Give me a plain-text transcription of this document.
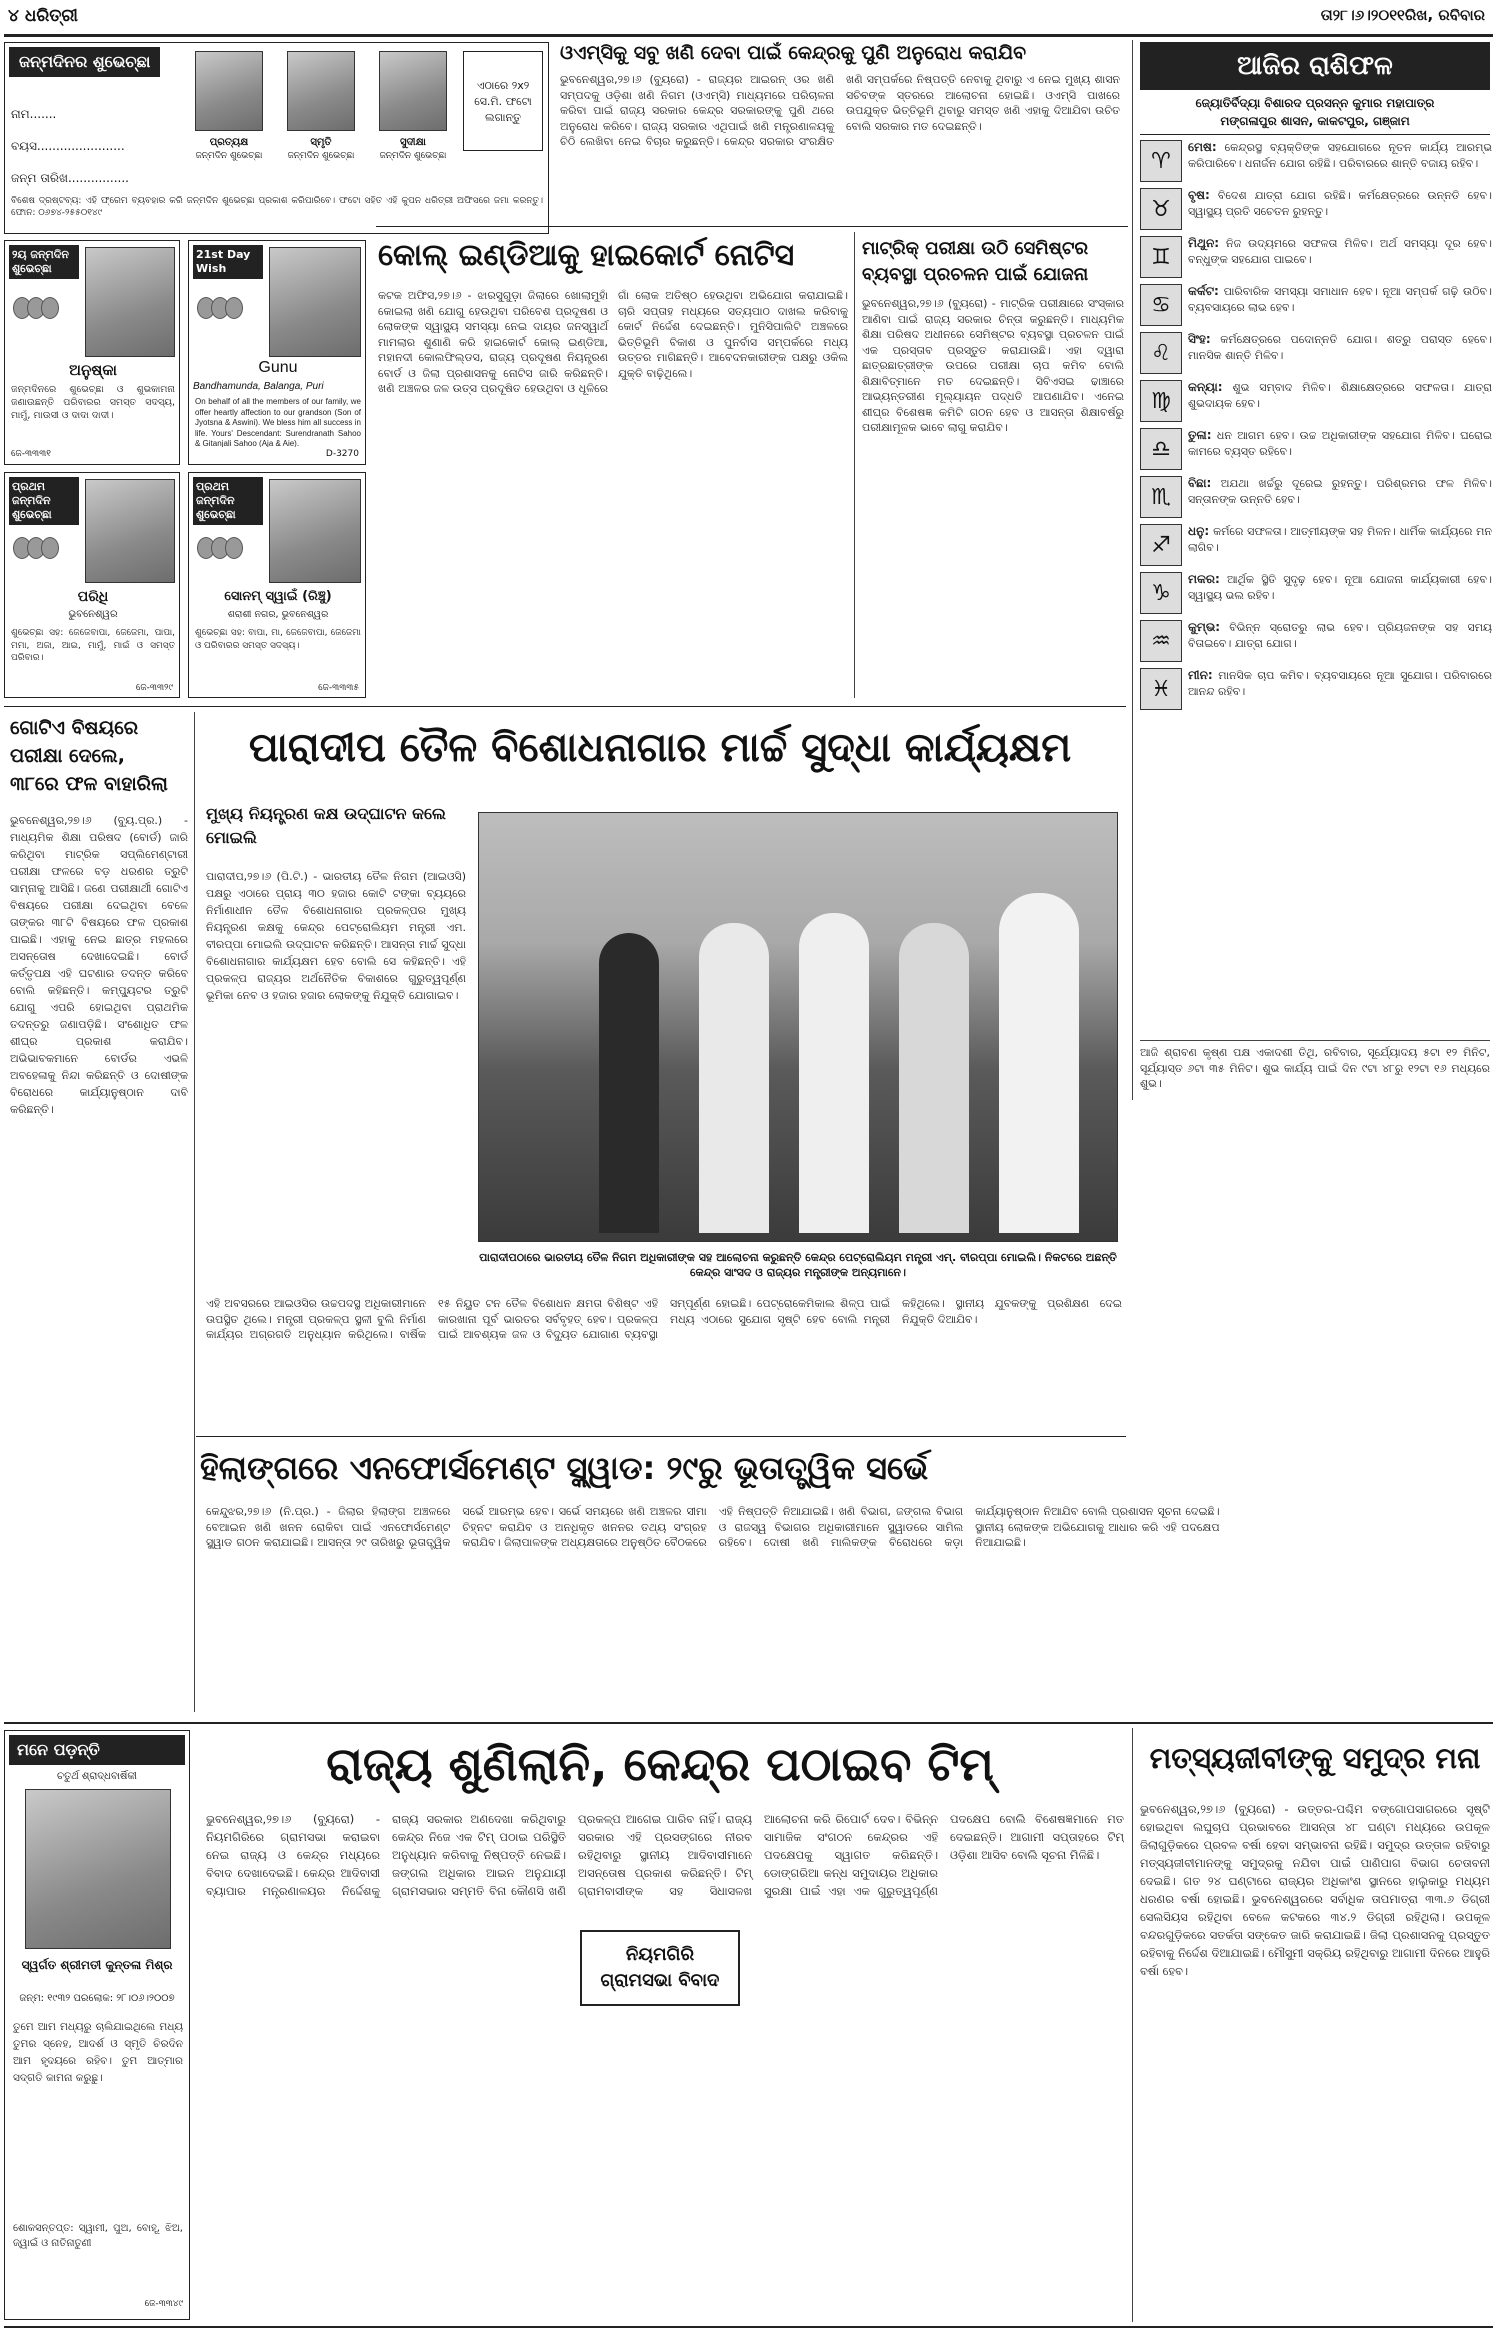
୪ ଧରିତ୍ରୀ	ତା୨୮।୬।୨୦୧୧ରିଖ, ରବିବାର
ଜନ୍ମଦିନର ଶୁଭେଚ୍ଛା
ନାମ.......
ବୟସ.......................
ଜନ୍ମ ତାରିଖ................
ପ୍ରତ୍ୟକ୍ଷ
ଜନ୍ମଦିନ ଶୁଭେଚ୍ଛା
ସ୍ମୃତି
ଜନ୍ମଦିନ ଶୁଭେଚ୍ଛା
ସୁଦୀକ୍ଷା
ଜନ୍ମଦିନ ଶୁଭେଚ୍ଛା
ଏଠାରେ ୨x୨ ସେ.ମି. ଫଟୋ ଲଗାନ୍ତୁ
ବିଶେଷ ଦ୍ରଷ୍ଟବ୍ୟ: ଏହି ଫ୍ରେମ ବ୍ୟବହାର କରି ଜନ୍ମଦିନ ଶୁଭେଚ୍ଛା ପ୍ରକାଶ କରିପାରିବେ। ଫଟୋ ସହିତ ଏହି କୁପନ ଧରିତ୍ରୀ ଅଫିସରେ ଜମା କରନ୍ତୁ। ଫୋନ: ୦୬୭୪-୨୫୫୦୧୪୯
୨ୟ ଜନ୍ମଦିନ ଶୁଭେଚ୍ଛା
ଅନୁଷ୍କା
ଜନ୍ମଦିନରେ ଶୁଭେଚ୍ଛା ଓ ଶୁଭକାମନା ଜଣାଉଛନ୍ତି ପରିବାରର ସମସ୍ତ ସଦସ୍ୟ, ମାମୁଁ, ମାଉସୀ ଓ ଦାଦା ଦାଦୀ।
ଜେ-୩୩୩୧
21st Day Wish
Gunu
Bandhamunda, Balanga, Puri
On behalf of all the members of our family, we offer heartly affection to our grandson (Son of Jyotsna & Aswini). We bless him all success in life. Yours' Descendant: Surendranath Sahoo & Gitanjali Sahoo (Aja & Aie).
D-3270
ପ୍ରଥମ ଜନ୍ମଦିନ ଶୁଭେଚ୍ଛା
ପରିଧି
ଭୁବନେଶ୍ୱର
ଶୁଭେଚ୍ଛା ସହ: ଜେଜେବାପା, ଜେଜେମା, ପାପା, ମମା, ଅଜା, ଆଇ, ମାମୁଁ, ମାଇଁ ଓ ସମସ୍ତ ପରିବାର।
ଜେ-୩୩୨୯
ପ୍ରଥମ ଜନ୍ମଦିନ ଶୁଭେଚ୍ଛା
ସୋନମ୍ ସ୍ୱାଇଁ (ରିଞ୍ଚୁ)
ଶରାଶୀ ନଗର, ଭୁବନେଶ୍ୱର
ଶୁଭେଚ୍ଛା ସହ: ବାପା, ମା, ଜେଜେବାପା, ଜେଜେମା ଓ ପରିବାରର ସମସ୍ତ ସଦସ୍ୟ।
ଜେ-୩୩୩୫
ଓଏମ୍‌ସିକୁ ସବୁ ଖଣି ଦେବା ପାଇଁ କେନ୍ଦ୍ରକୁ ପୁଣି ଅନୁରୋଧ କରାଯିବ
ଭୁବନେଶ୍ୱର,୨୭।୬ (ବ୍ୟୁରୋ) - ରାଜ୍ୟର ଆଇରନ୍ ଓର ଖଣି ସମ୍ପଦକୁ ଓଡ଼ିଶା ଖଣି ନିଗମ (ଓଏମ୍‌ସି) ମାଧ୍ୟମରେ ପରିଚାଳନା କରିବା ପାଇଁ ରାଜ୍ୟ ସରକାର କେନ୍ଦ୍ର ସରକାରଙ୍କୁ ପୁଣି ଥରେ ଅନୁରୋଧ କରିବେ। ରାଜ୍ୟ ସରକାର ଏଥିପାଇଁ ଖଣି ମନ୍ତ୍ରଣାଳୟକୁ ଚିଠି ଲେଖିବା ନେଇ ବିଚାର କରୁଛନ୍ତି। କେନ୍ଦ୍ର ସରକାର ସଂରକ୍ଷିତ ଖଣି ସମ୍ପର୍କରେ ନିଷ୍ପତ୍ତି ନେବାକୁ ଥିବାରୁ ଏ ନେଇ ମୁଖ୍ୟ ଶାସନ ସଚିବଙ୍କ ସ୍ତରରେ ଆଲୋଚନା ହୋଇଛି। ଓଏମ୍‌ସି ପାଖରେ ଉପଯୁକ୍ତ ଭିତ୍ତିଭୂମି ଥିବାରୁ ସମସ୍ତ ଖଣି ଏହାକୁ ଦିଆଯିବା ଉଚିତ ବୋଲି ସରକାର ମତ ଦେଇଛନ୍ତି।
କୋଲ୍ ଇଣ୍ଡିଆକୁ ହାଇକୋର୍ଟ ନୋଟିସ
କଟକ ଅଫିସ,୨୭।୬ - ଝାରସୁଗୁଡ଼ା ଜିଲାରେ ଖୋଲାମୁହାଁ କୋଇଲା ଖଣି ଯୋଗୁ ହେଉଥିବା ପରିବେଶ ପ୍ରଦୂଷଣ ଓ ଲୋକଙ୍କ ସ୍ୱାସ୍ଥ୍ୟ ସମସ୍ୟା ନେଇ ଦାୟର ଜନସ୍ୱାର୍ଥ ମାମଲାର ଶୁଣାଣି କରି ହାଇକୋର୍ଟ କୋଲ୍ ଇଣ୍ଡିଆ, ମହାନଦୀ କୋଲଫିଲ୍ଡସ, ରାଜ୍ୟ ପ୍ରଦୂଷଣ ନିୟନ୍ତ୍ରଣ ବୋର୍ଡ ଓ ଜିଲା ପ୍ରଶାସନକୁ ନୋଟିସ ଜାରି କରିଛନ୍ତି। ଖଣି ଅଞ୍ଚଳର ଜଳ ଉତ୍ସ ପ୍ରଦୂଷିତ ହେଉଥିବା ଓ ଧୂଳିରେ ଗାଁ ଲୋକ ଅତିଷ୍ଠ ହେଉଥିବା ଅଭିଯୋଗ କରାଯାଇଛି। ଚାରି ସପ୍ତାହ ମଧ୍ୟରେ ସତ୍ୟପାଠ ଦାଖଲ କରିବାକୁ କୋର୍ଟ ନିର୍ଦ୍ଦେଶ ଦେଇଛନ୍ତି। ମୁନିସିପାଲିଟି ଅଞ୍ଚଳରେ ଭିତ୍ତିଭୂମି ବିକାଶ ଓ ପୁନର୍ବାସ ସମ୍ପର୍କରେ ମଧ୍ୟ ଉତ୍ତର ମାଗିଛନ୍ତି। ଆବେଦନକାରୀଙ୍କ ପକ୍ଷରୁ ଓକିଲ ଯୁକ୍ତି ବାଢ଼ିଥିଲେ।
ମାଟ୍ରିକ୍ ପରୀକ୍ଷା ଉଠି ସେମିଷ୍ଟର ବ୍ୟବସ୍ଥା ପ୍ରଚଳନ ପାଇଁ ଯୋଜନା
ଭୁବନେଶ୍ୱର,୨୭।୬ (ବ୍ୟୁରୋ) - ମାଟ୍ରିକ ପରୀକ୍ଷାରେ ସଂସ୍କାର ଆଣିବା ପାଇଁ ରାଜ୍ୟ ସରକାର ଚିନ୍ତା କରୁଛନ୍ତି। ମାଧ୍ୟମିକ ଶିକ୍ଷା ପରିଷଦ ଅଧୀନରେ ସେମିଷ୍ଟର ବ୍ୟବସ୍ଥା ପ୍ରଚଳନ ପାଇଁ ଏକ ପ୍ରସ୍ତାବ ପ୍ରସ୍ତୁତ କରାଯାଉଛି। ଏହା ଦ୍ୱାରା ଛାତ୍ରଛାତ୍ରୀଙ୍କ ଉପରେ ପରୀକ୍ଷା ଚାପ କମିବ ବୋଲି ଶିକ୍ଷାବିତ୍‌ମାନେ ମତ ଦେଇଛନ୍ତି। ସିବିଏସଇ ଢାଞ୍ଚାରେ ଆଭ୍ୟନ୍ତରୀଣ ମୂଲ୍ୟାୟନ ପଦ୍ଧତି ଆପଣାଯିବ। ଏନେଇ ଶୀଘ୍ର ବିଶେଷଜ୍ଞ କମିଟି ଗଠନ ହେବ ଓ ଆସନ୍ତା ଶିକ୍ଷାବର୍ଷରୁ ପରୀକ୍ଷାମୂଳକ ଭାବେ ଲାଗୁ କରାଯିବ।
ଆଜିର ରାଶିଫଳ
ଜ୍ୟୋତିର୍ବିଦ୍ୟା ବିଶାରଦ ପ୍ରସନ୍ନ କୁମାର ମହାପାତ୍ର
ମଙ୍ଗଳାପୁର ଶାସନ, କାକଟପୁର, ଗଞ୍ଜାମ
♈
ମେଷ: କେନ୍ଦ୍ରସ୍ଥ ବ୍ୟକ୍ତିଙ୍କ ସହଯୋଗରେ ନୂତନ କାର୍ଯ୍ୟ ଆରମ୍ଭ କରିପାରିବେ। ଧନାର୍ଜନ ଯୋଗ ରହିଛି। ପରିବାରରେ ଶାନ୍ତି ବଜାୟ ରହିବ।
♉
ବୃଷ: ବିଦେଶ ଯାତ୍ରା ଯୋଗ ରହିଛି। କର୍ମକ୍ଷେତ୍ରରେ ଉନ୍ନତି ହେବ। ସ୍ୱାସ୍ଥ୍ୟ ପ୍ରତି ସଚେତନ ରୁହନ୍ତୁ।
♊
ମିଥୁନ: ନିଜ ଉଦ୍ୟମରେ ସଫଳତା ମିଳିବ। ଅର୍ଥ ସମସ୍ୟା ଦୂର ହେବ। ବନ୍ଧୁଙ୍କ ସହଯୋଗ ପାଇବେ।
♋
କର୍କଟ: ପାରିବାରିକ ସମସ୍ୟା ସମାଧାନ ହେବ। ନୂଆ ସମ୍ପର୍କ ଗଢ଼ି ଉଠିବ। ବ୍ୟବସାୟରେ ଲାଭ ହେବ।
♌
ସିଂହ: କର୍ମକ୍ଷେତ୍ରରେ ପଦୋନ୍ନତି ଯୋଗ। ଶତ୍ରୁ ପରାସ୍ତ ହେବେ। ମାନସିକ ଶାନ୍ତି ମିଳିବ।
♍
କନ୍ୟା: ଶୁଭ ସମ୍ବାଦ ମିଳିବ। ଶିକ୍ଷାକ୍ଷେତ୍ରରେ ସଫଳତା। ଯାତ୍ରା ଶୁଭଦାୟକ ହେବ।
♎
ତୁଳା: ଧନ ଆଗମ ହେବ। ଉଚ୍ଚ ଅଧିକାରୀଙ୍କ ସହଯୋଗ ମିଳିବ। ଘରୋଇ କାମରେ ବ୍ୟସ୍ତ ରହିବେ।
♏
ବିଛା: ଅଯଥା ଖର୍ଚ୍ଚରୁ ଦୂରେଇ ରୁହନ୍ତୁ। ପରିଶ୍ରମର ଫଳ ମିଳିବ। ସନ୍ତାନଙ୍କ ଉନ୍ନତି ହେବ।
♐
ଧନୁ: କର୍ମରେ ସଫଳତା। ଆତ୍ମୀୟଙ୍କ ସହ ମିଳନ। ଧାର୍ମିକ କାର୍ଯ୍ୟରେ ମନ ଲାଗିବ।
♑
ମକର: ଆର୍ଥିକ ସ୍ଥିତି ସୁଦୃଢ଼ ହେବ। ନୂଆ ଯୋଜନା କାର୍ଯ୍ୟକାରୀ ହେବ। ସ୍ୱାସ୍ଥ୍ୟ ଭଲ ରହିବ।
♒
କୁମ୍ଭ: ବିଭିନ୍ନ ସ୍ରୋତରୁ ଲାଭ ହେବ। ପ୍ରିୟଜନଙ୍କ ସହ ସମୟ ବିତାଇବେ। ଯାତ୍ରା ଯୋଗ।
♓
ମୀନ: ମାନସିକ ଚାପ କମିବ। ବ୍ୟବସାୟରେ ନୂଆ ସୁଯୋଗ। ପରିବାରରେ ଆନନ୍ଦ ରହିବ।
ଆଜି ଶ୍ରାବଣ କୃଷ୍ଣ ପକ୍ଷ ଏକାଦଶୀ ତିଥି, ରବିବାର, ସୂର୍ଯ୍ୟୋଦୟ ୫ଟା ୧୨ ମିନିଟ, ସୂର୍ଯ୍ୟାସ୍ତ ୬ଟା ୩୫ ମିନିଟ। ଶୁଭ କାର୍ଯ୍ୟ ପାଇଁ ଦିନ ୯ଟା ୪୮ରୁ ୧୨ଟା ୧୬ ମଧ୍ୟରେ ଶୁଭ।
ଗୋଟିଏ ବିଷୟରେ ପରୀକ୍ଷା ଦେଲେ, ୩୮ରେ ଫଳ ବାହାରିଲା
ଭୁବନେଶ୍ୱର,୨୭।୬ (ବ୍ୟୁ.ପ୍ର.) - ମାଧ୍ୟମିକ ଶିକ୍ଷା ପରିଷଦ (ବୋର୍ଡ) ଜାରି କରିଥିବା ମାଟ୍ରିକ ସପ୍ଲିମେଣ୍ଟାରୀ ପରୀକ୍ଷା ଫଳରେ ବଡ଼ ଧରଣର ତ୍ରୁଟି ସାମ୍ନାକୁ ଆସିଛି। ଜଣେ ପରୀକ୍ଷାର୍ଥୀ ଗୋଟିଏ ବିଷୟରେ ପରୀକ୍ଷା ଦେଇଥିବା ବେଳେ ତାଙ୍କର ୩୮ଟି ବିଷୟରେ ଫଳ ପ୍ରକାଶ ପାଇଛି। ଏହାକୁ ନେଇ ଛାତ୍ର ମହଲରେ ଅସନ୍ତୋଷ ଦେଖାଦେଇଛି। ବୋର୍ଡ କର୍ତ୍ତୃପକ୍ଷ ଏହି ଘଟଣାର ତଦନ୍ତ କରିବେ ବୋଲି କହିଛନ୍ତି। କମ୍ପ୍ୟୁଟର ତ୍ରୁଟି ଯୋଗୁ ଏପରି ହୋଇଥିବା ପ୍ରାଥମିକ ତଦନ୍ତରୁ ଜଣାପଡ଼ିଛି। ସଂଶୋଧିତ ଫଳ ଶୀଘ୍ର ପ୍ରକାଶ କରାଯିବ। ଅଭିଭାବକମାନେ ବୋର୍ଡର ଏଭଳି ଅବହେଳାକୁ ନିନ୍ଦା କରିଛନ୍ତି ଓ ଦୋଷୀଙ୍କ ବିରୋଧରେ କାର୍ଯ୍ୟାନୁଷ୍ଠାନ ଦାବି କରିଛନ୍ତି।
ପାରାଦୀପ ତୈଳ ବିଶୋଧନାଗାର ମାର୍ଚ୍ଚ ସୁଦ୍ଧା କାର୍ଯ୍ୟକ୍ଷମ
ମୁଖ୍ୟ ନିୟନ୍ତ୍ରଣ କକ୍ଷ ଉଦ୍‌ଘାଟନ କଲେ ମୋଇଲି
ପାରାଦୀପ,୨୭।୬ (ପି.ଟି.) - ଭାରତୀୟ ତୈଳ ନିଗମ (ଆଇଓସି) ପକ୍ଷରୁ ଏଠାରେ ପ୍ରାୟ ୩୦ ହଜାର କୋଟି ଟଙ୍କା ବ୍ୟୟରେ ନିର୍ମାଣାଧୀନ ତୈଳ ବିଶୋଧନାଗାର ପ୍ରକଳ୍ପର ମୁଖ୍ୟ ନିୟନ୍ତ୍ରଣ କକ୍ଷକୁ କେନ୍ଦ୍ର ପେଟ୍ରୋଲିୟମ ମନ୍ତ୍ରୀ ଏମ. ବୀରପ୍ପା ମୋଇଲି ଉଦ୍‌ଘାଟନ କରିଛନ୍ତି। ଆସନ୍ତା ମାର୍ଚ୍ଚ ସୁଦ୍ଧା ବିଶୋଧନାଗାର କାର୍ଯ୍ୟକ୍ଷମ ହେବ ବୋଲି ସେ କହିଛନ୍ତି। ଏହି ପ୍ରକଳ୍ପ ରାଜ୍ୟର ଅର୍ଥନୈତିକ ବିକାଶରେ ଗୁରୁତ୍ୱପୂର୍ଣ୍ଣ ଭୂମିକା ନେବ ଓ ହଜାର ହଜାର ଲୋକଙ୍କୁ ନିଯୁକ୍ତି ଯୋଗାଇବ।
ପାରାଦୀପଠାରେ ଭାରତୀୟ ତୈଳ ନିଗମ ଅଧିକାରୀଙ୍କ ସହ ଆଲୋଚନା କରୁଛନ୍ତି କେନ୍ଦ୍ର ପେଟ୍ରୋଲିୟମ ମନ୍ତ୍ରୀ ଏମ୍. ବୀରପ୍ପା ମୋଇଲି। ନିକଟରେ ଅଛନ୍ତି କେନ୍ଦ୍ର ସାଂସଦ ଓ ରାଜ୍ୟର ମନ୍ତ୍ରୀଙ୍କ ଅନ୍ୟମାନେ।
ଏହି ଅବସରରେ ଆଇଓସିର ଉଚ୍ଚପଦସ୍ଥ ଅଧିକାରୀମାନେ ଉପସ୍ଥିତ ଥିଲେ। ମନ୍ତ୍ରୀ ପ୍ରକଳ୍ପ ସ୍ଥଳୀ ବୁଲି ନିର୍ମାଣ କାର୍ଯ୍ୟର ଅଗ୍ରଗତି ଅନୁଧ୍ୟାନ କରିଥିଲେ। ବାର୍ଷିକ ୧୫ ନିୟୁତ ଟନ ତୈଳ ବିଶୋଧନ କ୍ଷମତା ବିଶିଷ୍ଟ ଏହି କାରଖାନା ପୂର୍ବ ଭାରତର ସର୍ବବୃହତ୍ ହେବ। ପ୍ରକଳ୍ପ ପାଇଁ ଆବଶ୍ୟକ ଜଳ ଓ ବିଦ୍ୟୁତ ଯୋଗାଣ ବ୍ୟବସ୍ଥା ସମ୍ପୂର୍ଣ୍ଣ ହୋଇଛି। ପେଟ୍ରୋକେମିକାଲ ଶିଳ୍ପ ପାଇଁ ମଧ୍ୟ ଏଠାରେ ସୁଯୋଗ ସୃଷ୍ଟି ହେବ ବୋଲି ମନ୍ତ୍ରୀ କହିଥିଲେ। ସ୍ଥାନୀୟ ଯୁବକଙ୍କୁ ପ୍ରଶିକ୍ଷଣ ଦେଇ ନିଯୁକ୍ତି ଦିଆଯିବ।
ହିଲାଙ୍ଗରେ ଏନଫୋର୍ସମେଣ୍ଟ ସ୍କ୍ୱାଡ: ୨୯ରୁ ଭୂତାତ୍ତ୍ୱିକ ସର୍ଭେ
କେନ୍ଦୁଝର,୨୭।୬ (ନି.ପ୍ର.) - ଜିଲାର ହିଲାଙ୍ଗ ଅଞ୍ଚଳରେ ବେଆଇନ ଖଣି ଖନନ ରୋକିବା ପାଇଁ ଏନଫୋର୍ସମେଣ୍ଟ ସ୍କ୍ୱାଡ ଗଠନ କରାଯାଇଛି। ଆସନ୍ତା ୨୯ ତାରିଖରୁ ଭୂତାତ୍ତ୍ୱିକ ସର୍ଭେ ଆରମ୍ଭ ହେବ। ସର୍ଭେ ସମୟରେ ଖଣି ଅଞ୍ଚଳର ସୀମା ଚିହ୍ନଟ କରାଯିବ ଓ ଅନଧିକୃତ ଖନନର ତଥ୍ୟ ସଂଗ୍ରହ କରାଯିବ। ଜିଲାପାଳଙ୍କ ଅଧ୍ୟକ୍ଷତାରେ ଅନୁଷ୍ଠିତ ବୈଠକରେ ଏହି ନିଷ୍ପତ୍ତି ନିଆଯାଇଛି। ଖଣି ବିଭାଗ, ଜଙ୍ଗଲ ବିଭାଗ ଓ ରାଜସ୍ୱ ବିଭାଗର ଅଧିକାରୀମାନେ ସ୍କ୍ୱାଡରେ ସାମିଲ ରହିବେ। ଦୋଷୀ ଖଣି ମାଲିକଙ୍କ ବିରୋଧରେ କଡ଼ା କାର୍ଯ୍ୟାନୁଷ୍ଠାନ ନିଆଯିବ ବୋଲି ପ୍ରଶାସନ ସୂଚନା ଦେଇଛି। ସ୍ଥାନୀୟ ଲୋକଙ୍କ ଅଭିଯୋଗକୁ ଆଧାର କରି ଏହି ପଦକ୍ଷେପ ନିଆଯାଇଛି।
ମନେ ପଡ଼ନ୍ତି
ଚତୁର୍ଥ ଶ୍ରାଦ୍ଧବାର୍ଷିକୀ
ସ୍ୱର୍ଗତ ଶ୍ରୀମତୀ କୁନ୍ତଳା ମିଶ୍ର
ଜନ୍ମ: ୧୯୩୨ ପରଲୋକ: ୨୮।୦୬।୨୦୦୭
ତୁମେ ଆମ ମଧ୍ୟରୁ ଚାଲିଯାଇଥିଲେ ମଧ୍ୟ ତୁମର ସ୍ନେହ, ଆଦର୍ଶ ଓ ସ୍ମୃତି ଚିରଦିନ ଆମ ହୃଦୟରେ ରହିବ। ତୁମ ଆତ୍ମାର ସଦ୍‌ଗତି କାମନା କରୁଛୁ।
ଶୋକସନ୍ତପ୍ତ: ସ୍ୱାମୀ, ପୁଅ, ବୋହୂ, ଝିଅ, ଜ୍ୱାଇଁ ଓ ନାତିନାତୁଣୀ
ଜେ-୩୩୪୯
ରାଜ୍ୟ ଶୁଣିଲାନି, କେନ୍ଦ୍ର ପଠାଇବ ଟିମ୍
ଭୁବନେଶ୍ୱର,୨୭।୬ (ବ୍ୟୁରୋ) - ନିୟମଗିରିରେ ଗ୍ରାମସଭା କରାଇବା ନେଇ ରାଜ୍ୟ ଓ କେନ୍ଦ୍ର ମଧ୍ୟରେ ବିବାଦ ଦେଖାଦେଇଛି। କେନ୍ଦ୍ର ଆଦିବାସୀ ବ୍ୟାପାର ମନ୍ତ୍ରଣାଳୟର ନିର୍ଦ୍ଦେଶକୁ ରାଜ୍ୟ ସରକାର ଅଣଦେଖା କରିଥିବାରୁ କେନ୍ଦ୍ର ନିଜେ ଏକ ଟିମ୍ ପଠାଇ ପରିସ୍ଥିତି ଅନୁଧ୍ୟାନ କରିବାକୁ ନିଷ୍ପତ୍ତି ନେଇଛି। ଜଙ୍ଗଲ ଅଧିକାର ଆଇନ ଅନୁଯାୟୀ ଗ୍ରାମସଭାର ସମ୍ମତି ବିନା କୌଣସି ଖଣି ପ୍ରକଳ୍ପ ଆଗେଇ ପାରିବ ନାହିଁ। ରାଜ୍ୟ ସରକାର ଏହି ପ୍ରସଙ୍ଗରେ ନୀରବ ରହିଥିବାରୁ ସ୍ଥାନୀୟ ଆଦିବାସୀମାନେ ଅସନ୍ତୋଷ ପ୍ରକାଶ କରିଛନ୍ତି। ଟିମ୍ ଗ୍ରାମବାସୀଙ୍କ ସହ ସିଧାସଳଖ ଆଲୋଚନା କରି ରିପୋର୍ଟ ଦେବ। ବିଭିନ୍ନ ସାମାଜିକ ସଂଗଠନ କେନ୍ଦ୍ରର ଏହି ପଦକ୍ଷେପକୁ ସ୍ୱାଗତ କରିଛନ୍ତି। ଡୋଙ୍ଗରିଆ କନ୍ଧ ସମୁଦାୟର ଅଧିକାର ସୁରକ୍ଷା ପାଇଁ ଏହା ଏକ ଗୁରୁତ୍ୱପୂର୍ଣ୍ଣ ପଦକ୍ଷେପ ବୋଲି ବିଶେଷଜ୍ଞମାନେ ମତ ଦେଇଛନ୍ତି। ଆଗାମୀ ସପ୍ତାହରେ ଟିମ୍ ଓଡ଼ିଶା ଆସିବ ବୋଲି ସୂଚନା ମିଳିଛି।
ନିୟମଗିରି ଗ୍ରାମସଭା ବିବାଦ
ମତ୍ସ୍ୟଜୀବୀଙ୍କୁ ସମୁଦ୍ର ମନା
ଭୁବନେଶ୍ୱର,୨୭।୬ (ବ୍ୟୁରୋ) - ଉତ୍ତର-ପଶ୍ଚିମ ବଙ୍ଗୋପସାଗରରେ ସୃଷ୍ଟି ହୋଇଥିବା ଲଘୁଚାପ ପ୍ରଭାବରେ ଆସନ୍ତା ୪୮ ଘଣ୍ଟା ମଧ୍ୟରେ ଉପକୂଳ ଜିଲାଗୁଡ଼ିକରେ ପ୍ରବଳ ବର୍ଷା ହେବା ସମ୍ଭାବନା ରହିଛି। ସମୁଦ୍ର ଉତ୍ତାଳ ରହିବାରୁ ମତ୍ସ୍ୟଜୀବୀମାନଙ୍କୁ ସମୁଦ୍ରକୁ ନଯିବା ପାଇଁ ପାଣିପାଗ ବିଭାଗ ଚେତାବନୀ ଦେଇଛି। ଗତ ୨୪ ଘଣ୍ଟାରେ ରାଜ୍ୟର ଅଧିକାଂଶ ସ୍ଥାନରେ ହାଲୁକାରୁ ମଧ୍ୟମ ଧରଣର ବର୍ଷା ହୋଇଛି। ଭୁବନେଶ୍ୱରରେ ସର୍ବାଧିକ ତାପମାତ୍ରା ୩୩.୬ ଡିଗ୍ରୀ ସେଲସିୟସ ରହିଥିବା ବେଳେ କଟକରେ ୩୪.୨ ଡିଗ୍ରୀ ରହିଥିଲା। ଉପକୂଳ ବନ୍ଦରଗୁଡ଼ିକରେ ସତର୍କତା ସଙ୍କେତ ଜାରି କରାଯାଇଛି। ଜିଲା ପ୍ରଶାସନକୁ ପ୍ରସ୍ତୁତ ରହିବାକୁ ନିର୍ଦ୍ଦେଶ ଦିଆଯାଇଛି। ମୌସୁମୀ ସକ୍ରିୟ ରହିଥିବାରୁ ଆଗାମୀ ଦିନରେ ଆହୁରି ବର୍ଷା ହେବ।
